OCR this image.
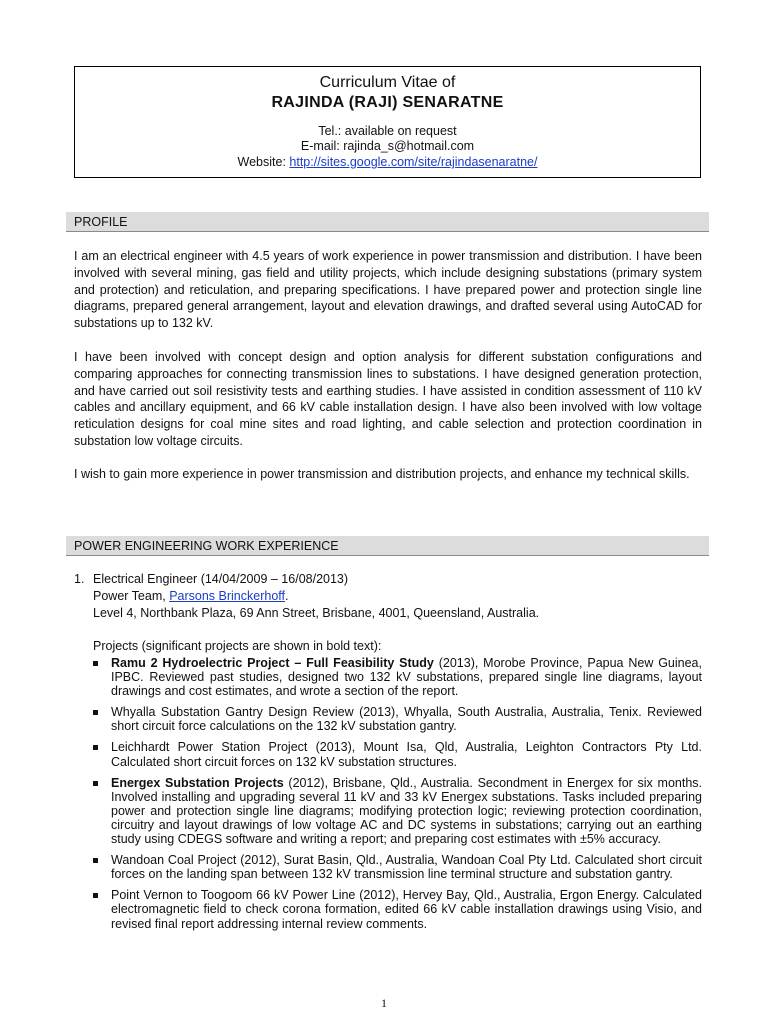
Curriculum Vitae of
RAJINDA (RAJI) SENARATNE
Tel.: available on request
E-mail: rajinda_s@hotmail.com
Website: http://sites.google.com/site/rajindasenaratne/
PROFILE

I am an electrical engineer with 4.5 years of work experience in power transmission and distribution. I have been involved with several mining, gas field and utility projects, which include designing substations (primary system and protection) and reticulation, and preparing specifications. I have prepared power and protection single line diagrams, prepared general arrangement, layout and elevation drawings, and drafted several using AutoCAD for substations up to 132 kV.

I have been involved with concept design and option analysis for different substation configurations and comparing approaches for connecting transmission lines to substations. I have designed generation protection, and have carried out soil resistivity tests and earthing studies. I have assisted in condition assessment of 110 kV cables and ancillary equipment, and 66 kV cable installation design. I have also been involved with low voltage reticulation designs for coal mine sites and road lighting, and cable selection and protection coordination in substation low voltage circuits.

I wish to gain more experience in power transmission and distribution projects, and enhance my technical skills.

POWER ENGINEERING WORK EXPERIENCE
1. Electrical Engineer (14/04/2009 – 16/08/2013)
Power Team, Parsons Brinckerhoff.
Level 4, Northbank Plaza, 69 Ann Street, Brisbane, 4001, Queensland, Australia.
Projects (significant projects are shown in bold text):
Ramu 2 Hydroelectric Project – Full Feasibility Study (2013), Morobe Province, Papua New Guinea, IPBC. Reviewed past studies, designed two 132 kV substations, prepared single line diagrams, layout drawings and cost estimates, and wrote a section of the report.
Whyalla Substation Gantry Design Review (2013), Whyalla, South Australia, Australia, Tenix. Reviewed short circuit force calculations on the 132 kV substation gantry.
Leichhardt Power Station Project (2013), Mount Isa, Qld, Australia, Leighton Contractors Pty Ltd. Calculated short circuit forces on 132 kV substation structures.
Energex Substation Projects (2012), Brisbane, Qld., Australia. Secondment in Energex for six months. Involved installing and upgrading several 11 kV and 33 kV Energex substations. Tasks included preparing power and protection single line diagrams; modifying protection logic; reviewing protection coordination, circuitry and layout drawings of low voltage AC and DC systems in substations; carrying out an earthing study using CDEGS software and writing a report; and preparing cost estimates with ±5% accuracy.
Wandoan Coal Project (2012), Surat Basin, Qld., Australia, Wandoan Coal Pty Ltd. Calculated short circuit forces on the landing span between 132 kV transmission line terminal structure and substation gantry.
Point Vernon to Toogoom 66 kV Power Line (2012), Hervey Bay, Qld., Australia, Ergon Energy. Calculated electromagnetic field to check corona formation, edited 66 kV cable installation drawings using Visio, and revised final report addressing internal review comments.
1
